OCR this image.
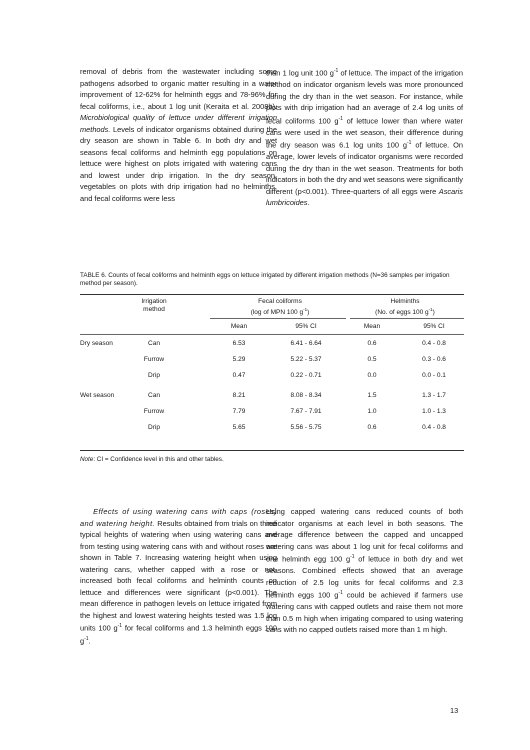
removal of debris from the wastewater including some pathogens adsorbed to organic matter resulting in a water improvement of 12-62% for helminth eggs and 78-96% for fecal coliforms, i.e., about 1 log unit (Keraita et al. 2008b). Microbiological quality of lettuce under different irrigation methods. Levels of indicator organisms obtained during the dry season are shown in Table 6. In both dry and wet seasons fecal coliforms and helminth egg populations on lettuce were highest on plots irrigated with watering cans and lowest under drip irrigation. In the dry season, vegetables on plots with drip irrigation had no helminths, and fecal coliforms were less
than 1 log unit 100 $g^{-1}$ of lettuce. The impact of the irrigation method on indicator organism levels was more pronounced during the dry than in the wet season. For instance, while plots with drip irrigation had an average of 2.4 log units of fecal coliforms 100 $g^{-1}$ of lettuce lower than where water cans were used in the wet season, their difference during the dry season was 6.1 log units 100 $g^{-1}$ of lettuce. On average, lower levels of indicator organisms were recorded during the dry than in the wet season. Treatments for both indicators in both the dry and wet seasons were significantly different (p<0.001). Three-quarters of all eggs were Ascaris lumbricoides.
TABLE 6. Counts of fecal coliforms and helminth eggs on lettuce irrigated by different irrigation methods (N=36 samples per irrigation method per season).
Irrigation
method
Fecal coliforms
(log of MPN 100 $g^{-1}$)
Helminths
(No. of eggs 100 $g^{-1}$)
Mean	95% CI	Mean	95% CI
Dry season	Can	6.53	6.41 - 6.64	0.6	0.4 - 0.8
Furrow	5.29	5.22 - 5.37	0.5	0.3 - 0.6
Drip	0.47	0.22 - 0.71	0.0	0.0 - 0.1
Wet season	Can	8.21	8.08 - 8.34	1.5	1.3 - 1.7
Furrow	7.79	7.67 - 7.91	1.0	1.0 - 1.3
Drip	5.65	5.56 - 5.75	0.6	0.4 - 0.8
Note: CI = Confidence level in this and other tables.
Effects of using watering cans with caps (roses) and watering height. Results obtained from trials on three typical heights of watering when using watering cans and from testing using watering cans with and without roses are shown in Table 7. Increasing watering height when using watering cans, whether capped with a rose or not, increased both fecal coliforms and helminth counts on lettuce and differences were significant (p<0.001). The mean difference in pathogen levels on lettuce irrigated from the highest and lowest watering heights tested was 1.5 log units 100 $g^{-1}$ for fecal coliforms and 1.3 helminth eggs 100 $g^{-1}$.
Using capped watering cans reduced counts of both indicator organisms at each level in both seasons. The average difference between the capped and uncapped watering cans was about 1 log unit for fecal coliforms and one helminth egg 100 $g^{-1}$ of lettuce in both dry and wet seasons. Combined effects showed that an average reduction of 2.5 log units for fecal coliforms and 2.3 helminth eggs 100 $g^{-1}$ could be achieved if farmers use watering cans with capped outlets and raise them not more than 0.5 m high when irrigating compared to using watering cans with no capped outlets raised more than 1 m high.
13
